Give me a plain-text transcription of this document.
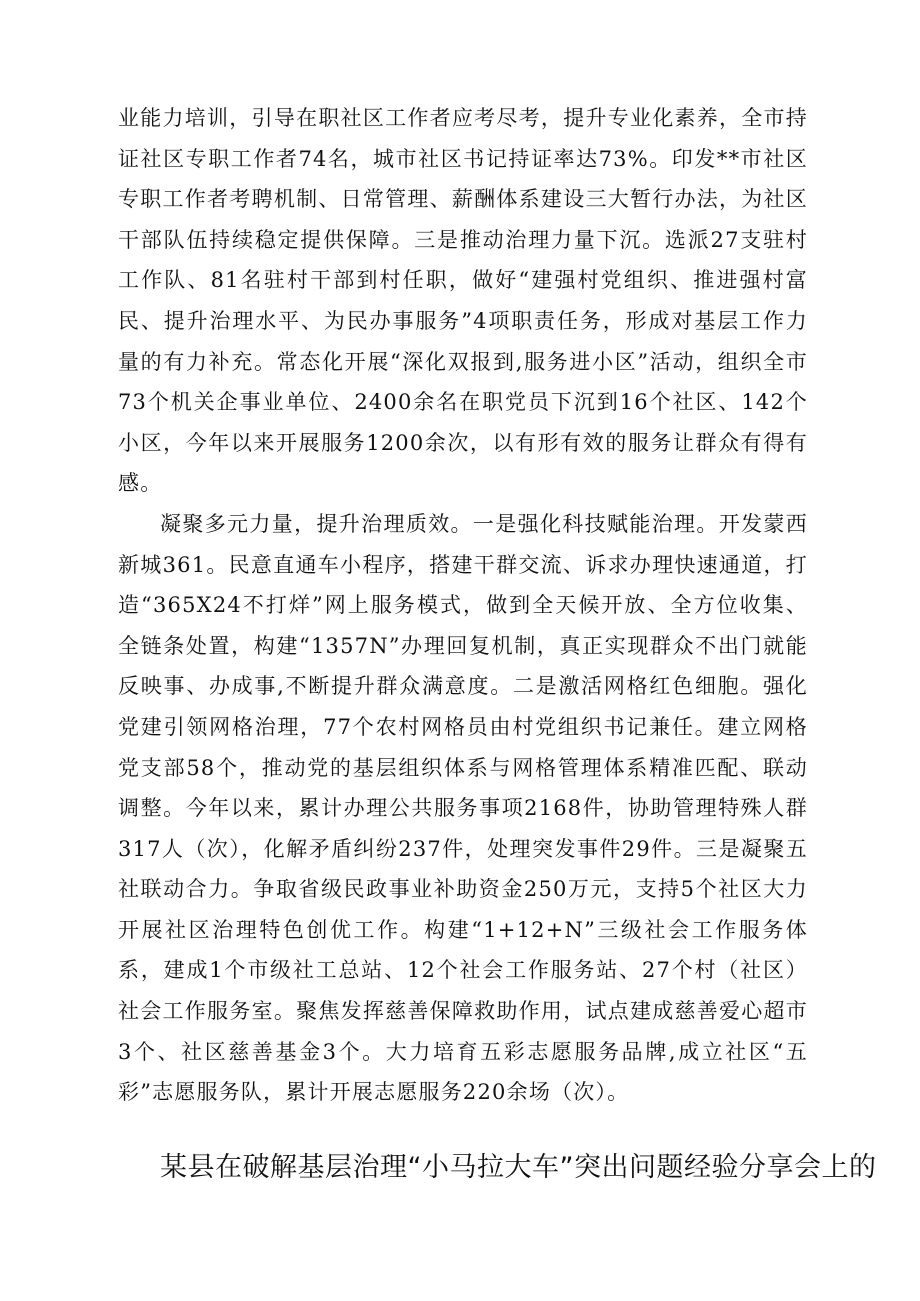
业能力培训，引导在职社区工作者应考尽考，提升专业化素养，全市持证社区专职工作者74名，城市社区书记持证率达73%。印发**市社区专职工作者考聘机制、日常管理、薪酬体系建设三大暂行办法，为社区干部队伍持续稳定提供保障。三是推动治理力量下沉。选派27支驻村工作队、81名驻村干部到村任职，做好“建强村党组织、推进强村富民、提升治理水平、为民办事服务”4项职责任务，形成对基层工作力量的有力补充。常态化开展“深化双报到,服务进小区”活动，组织全市73个机关企事业单位、2400余名在职党员下沉到16个社区、142个小区，今年以来开展服务1200余次，以有形有效的服务让群众有得有感。

凝聚多元力量，提升治理质效。一是强化科技赋能治理。开发蒙西新城361。民意直通车小程序，搭建干群交流、诉求办理快速通道，打造“365X24不打烊”网上服务模式，做到全天候开放、全方位收集、全链条处置，构建“1357N”办理回复机制，真正实现群众不出门就能反映事、办成事,不断提升群众满意度。二是激活网格红色细胞。强化党建引领网格治理，77个农村网格员由村党组织书记兼任。建立网格党支部58个，推动党的基层组织体系与网格管理体系精准匹配、联动调整。今年以来，累计办理公共服务事项2168件，协助管理特殊人群317人（次），化解矛盾纠纷237件，处理突发事件29件。三是凝聚五社联动合力。争取省级民政事业补助资金250万元，支持5个社区大力开展社区治理特色创优工作。构建“1+12+N”三级社会工作服务体系，建成1个市级社工总站、12个社会工作服务站、27个村（社区）社会工作服务室。聚焦发挥慈善保障救助作用，试点建成慈善爱心超市3个、社区慈善基金3个。大力培育五彩志愿服务品牌,成立社区“五彩”志愿服务队，累计开展志愿服务220余场（次）。

某县在破解基层治理“小马拉大车”突出问题经验分享会上的
